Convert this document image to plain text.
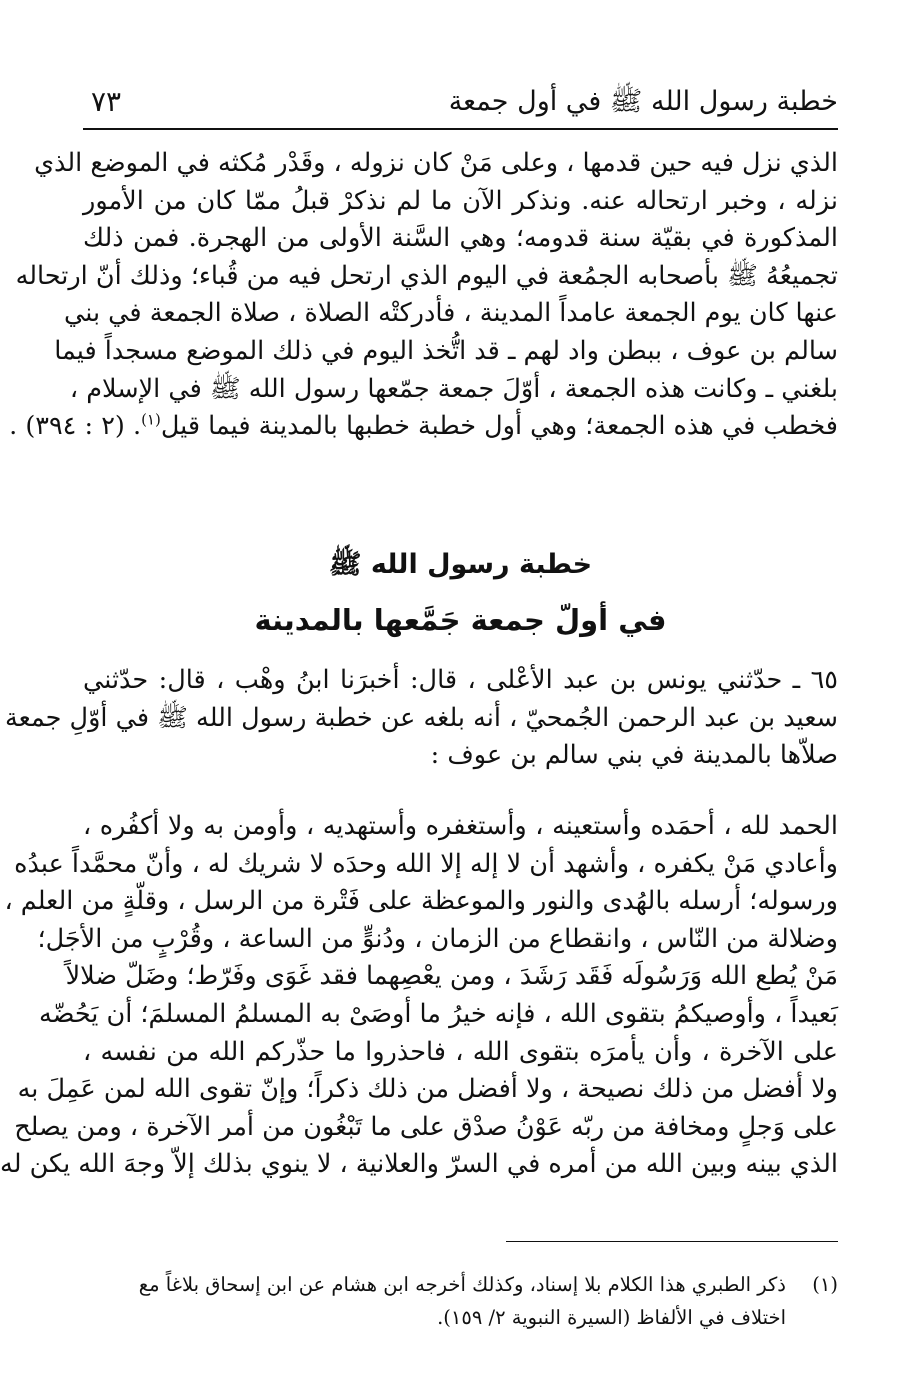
خطبة رسول الله ﷺ في أول جمعة
٧٣
الذي نزل فيه حين قدمها ، وعلى مَنْ كان نزوله ، وقَدْر مُكثه في الموضع الذي
نزله ، وخبر ارتحاله عنه. ونذكر الآن ما لم نذكرْ قبلُ ممّا كان من الأمور
المذكورة في بقيّة سنة قدومه؛ وهي السَّنة الأولى من الهجرة. فمن ذلك
تجميعُهُ ﷺ بأصحابه الجمُعة في اليوم الذي ارتحل فيه من قُباء؛ وذلك أنّ ارتحاله
عنها كان يوم الجمعة عامداً المدينة ، فأدركتْه الصلاة ، صلاة الجمعة في بني
سالم بن عوف ، ببطن واد لهم ـ قد اتُّخذ اليوم في ذلك الموضع مسجداً فيما
بلغني ـ وكانت هذه الجمعة ، أوّلَ جمعة جمّعها رسول الله ﷺ في الإسلام ،
فخطب في هذه الجمعة؛ وهي أول خطبة خطبها بالمدينة فيما قيل$^{(١)}$. (٢ : ٣٩٤) .
خطبة رسول الله ﷺ
في أولّ جمعة جَمَّعها بالمدينة
٦٥ ـ حدّثني يونس بن عبد الأعْلى ، قال: أخبرَنا ابنُ وهْب ، قال: حدّثني
سعيد بن عبد الرحمن الجُمحيّ ، أنه بلغه عن خطبة رسول الله ﷺ في أوّلِ جمعة
صلاّها بالمدينة في بني سالم بن عوف :
الحمد لله ، أحمَده وأستعينه ، وأستغفره وأستهديه ، وأومن به ولا أكفُره ،
وأعادي مَنْ يكفره ، وأشهد أن لا إله إلا الله وحدَه لا شريك له ، وأنّ محمَّداً عبدُه
ورسوله؛ أرسله بالهُدى والنور والموعظة على فَتْرة من الرسل ، وقلّةٍ من العلم ،
وضلالة من النّاس ، وانقطاع من الزمان ، ودُنوٍّ من الساعة ، وقُرْبٍ من الأجَل؛
مَنْ يُطع الله وَرَسُولَه فَقَد رَشَدَ ، ومن يعْصِهما فقد غَوَى وفَرّط؛ وضَلّ ضلالاً
بَعيداً ، وأوصيكمُ بتقوى الله ، فإنه خيرُ ما أوصَىْ به المسلمُ المسلمَ؛ أن يَحُضّه
على الآخرة ، وأن يأمرَه بتقوى الله ، فاحذروا ما حذّركم الله من نفسه ،
ولا أفضل من ذلك نصيحة ، ولا أفضل من ذلك ذكراً؛ وإنّ تقوى الله لمن عَمِلَ به
على وَجلٍ ومخافة من ربّه عَوْنُ صدْق على ما تَبْغُون من أمر الآخرة ، ومن يصلح
الذي بينه وبين الله من أمره في السرّ والعلانية ، لا ينوي بذلك إلاّ وجهَ الله يكن له
(١)ذكر الطبري هذا الكلام بلا إسناد، وكذلك أخرجه ابن هشام عن ابن إسحاق بلاغاً مع
اختلاف في الألفاظ (السيرة النبوية ٢/ ١٥٩).
